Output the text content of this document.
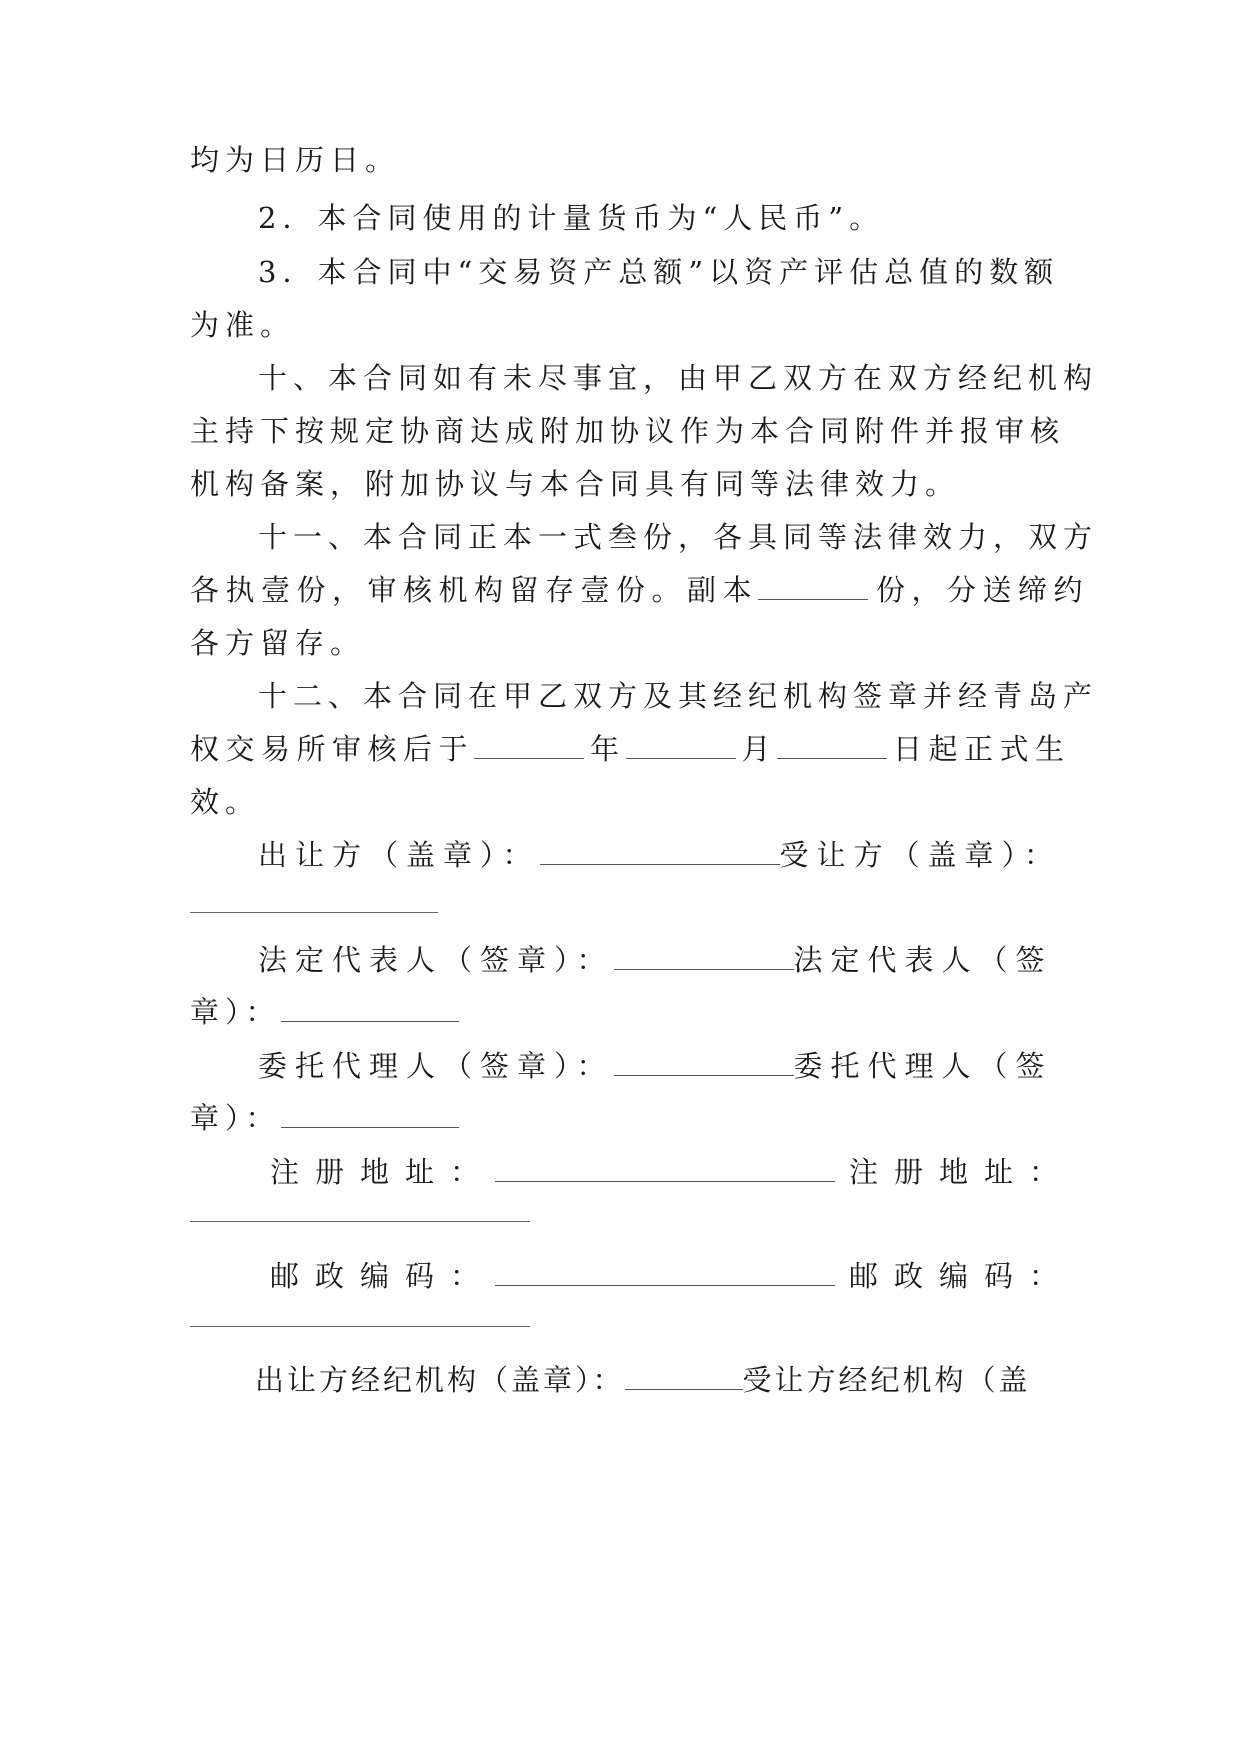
均为日历日。
2．本合同使用的计量货币为“人民币”。
3．本合同中“交易资产总额”以资产评估总值的数额
为准。
十、本合同如有未尽事宜，由甲乙双方在双方经纪机构
主持下按规定协商达成附加协议作为本合同附件并报审核
机构备案，附加协议与本合同具有同等法律效力。
十一、本合同正本一式叁份，各具同等法律效力，双方
各执壹份，审核机构留存壹份。副本	份，分送缔约
各方留存。
十二、本合同在甲乙双方及其经纪机构签章并经青岛产
权交易所审核后于	年	月	日起正式生
效。
出让方（盖章）：	受让方（盖章）：
法定代表人（签章）：	法定代表人（签
章）：
委托代理人（签章）：	委托代理人（签
章）：
注册地址：	注册地址：
邮政编码：	邮政编码：
出让方经纪机构（盖章）：	受让方经纪机构（盖
